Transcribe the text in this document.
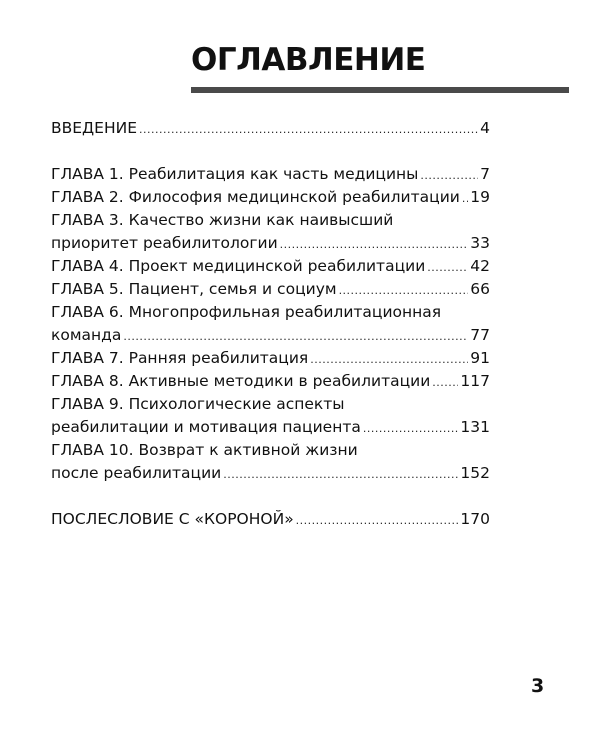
ОГЛАВЛЕНИЕ
ВВЕДЕНИЕ .....	4
ГЛАВА 1. Реабилитация как часть медицины .....	7
ГЛАВА 2. Философия медицинской реабилитации ..... 19
ГЛАВА 3. Качество жизни как наивысший
приоритет реабилитологии .....	33
ГЛАВА 4. Проект медицинской реабилитации .....	42
ГЛАВА 5. Пациент, семья и социум .....	66
ГЛАВА 6. Многопрофильная реабилитационная
команда .....	77
ГЛАВА 7. Ранняя реабилитация .....	91
ГЛАВА 8. Активные методики в реабилитации ..... 117
ГЛАВА 9. Психологические аспекты
реабилитации и мотивация пациента .....	131
ГЛАВА 10. Возврат к активной жизни
после реабилитации .....	152
ПОСЛЕСЛОВИЕ С «КОРОНОЙ» .....	170
3
